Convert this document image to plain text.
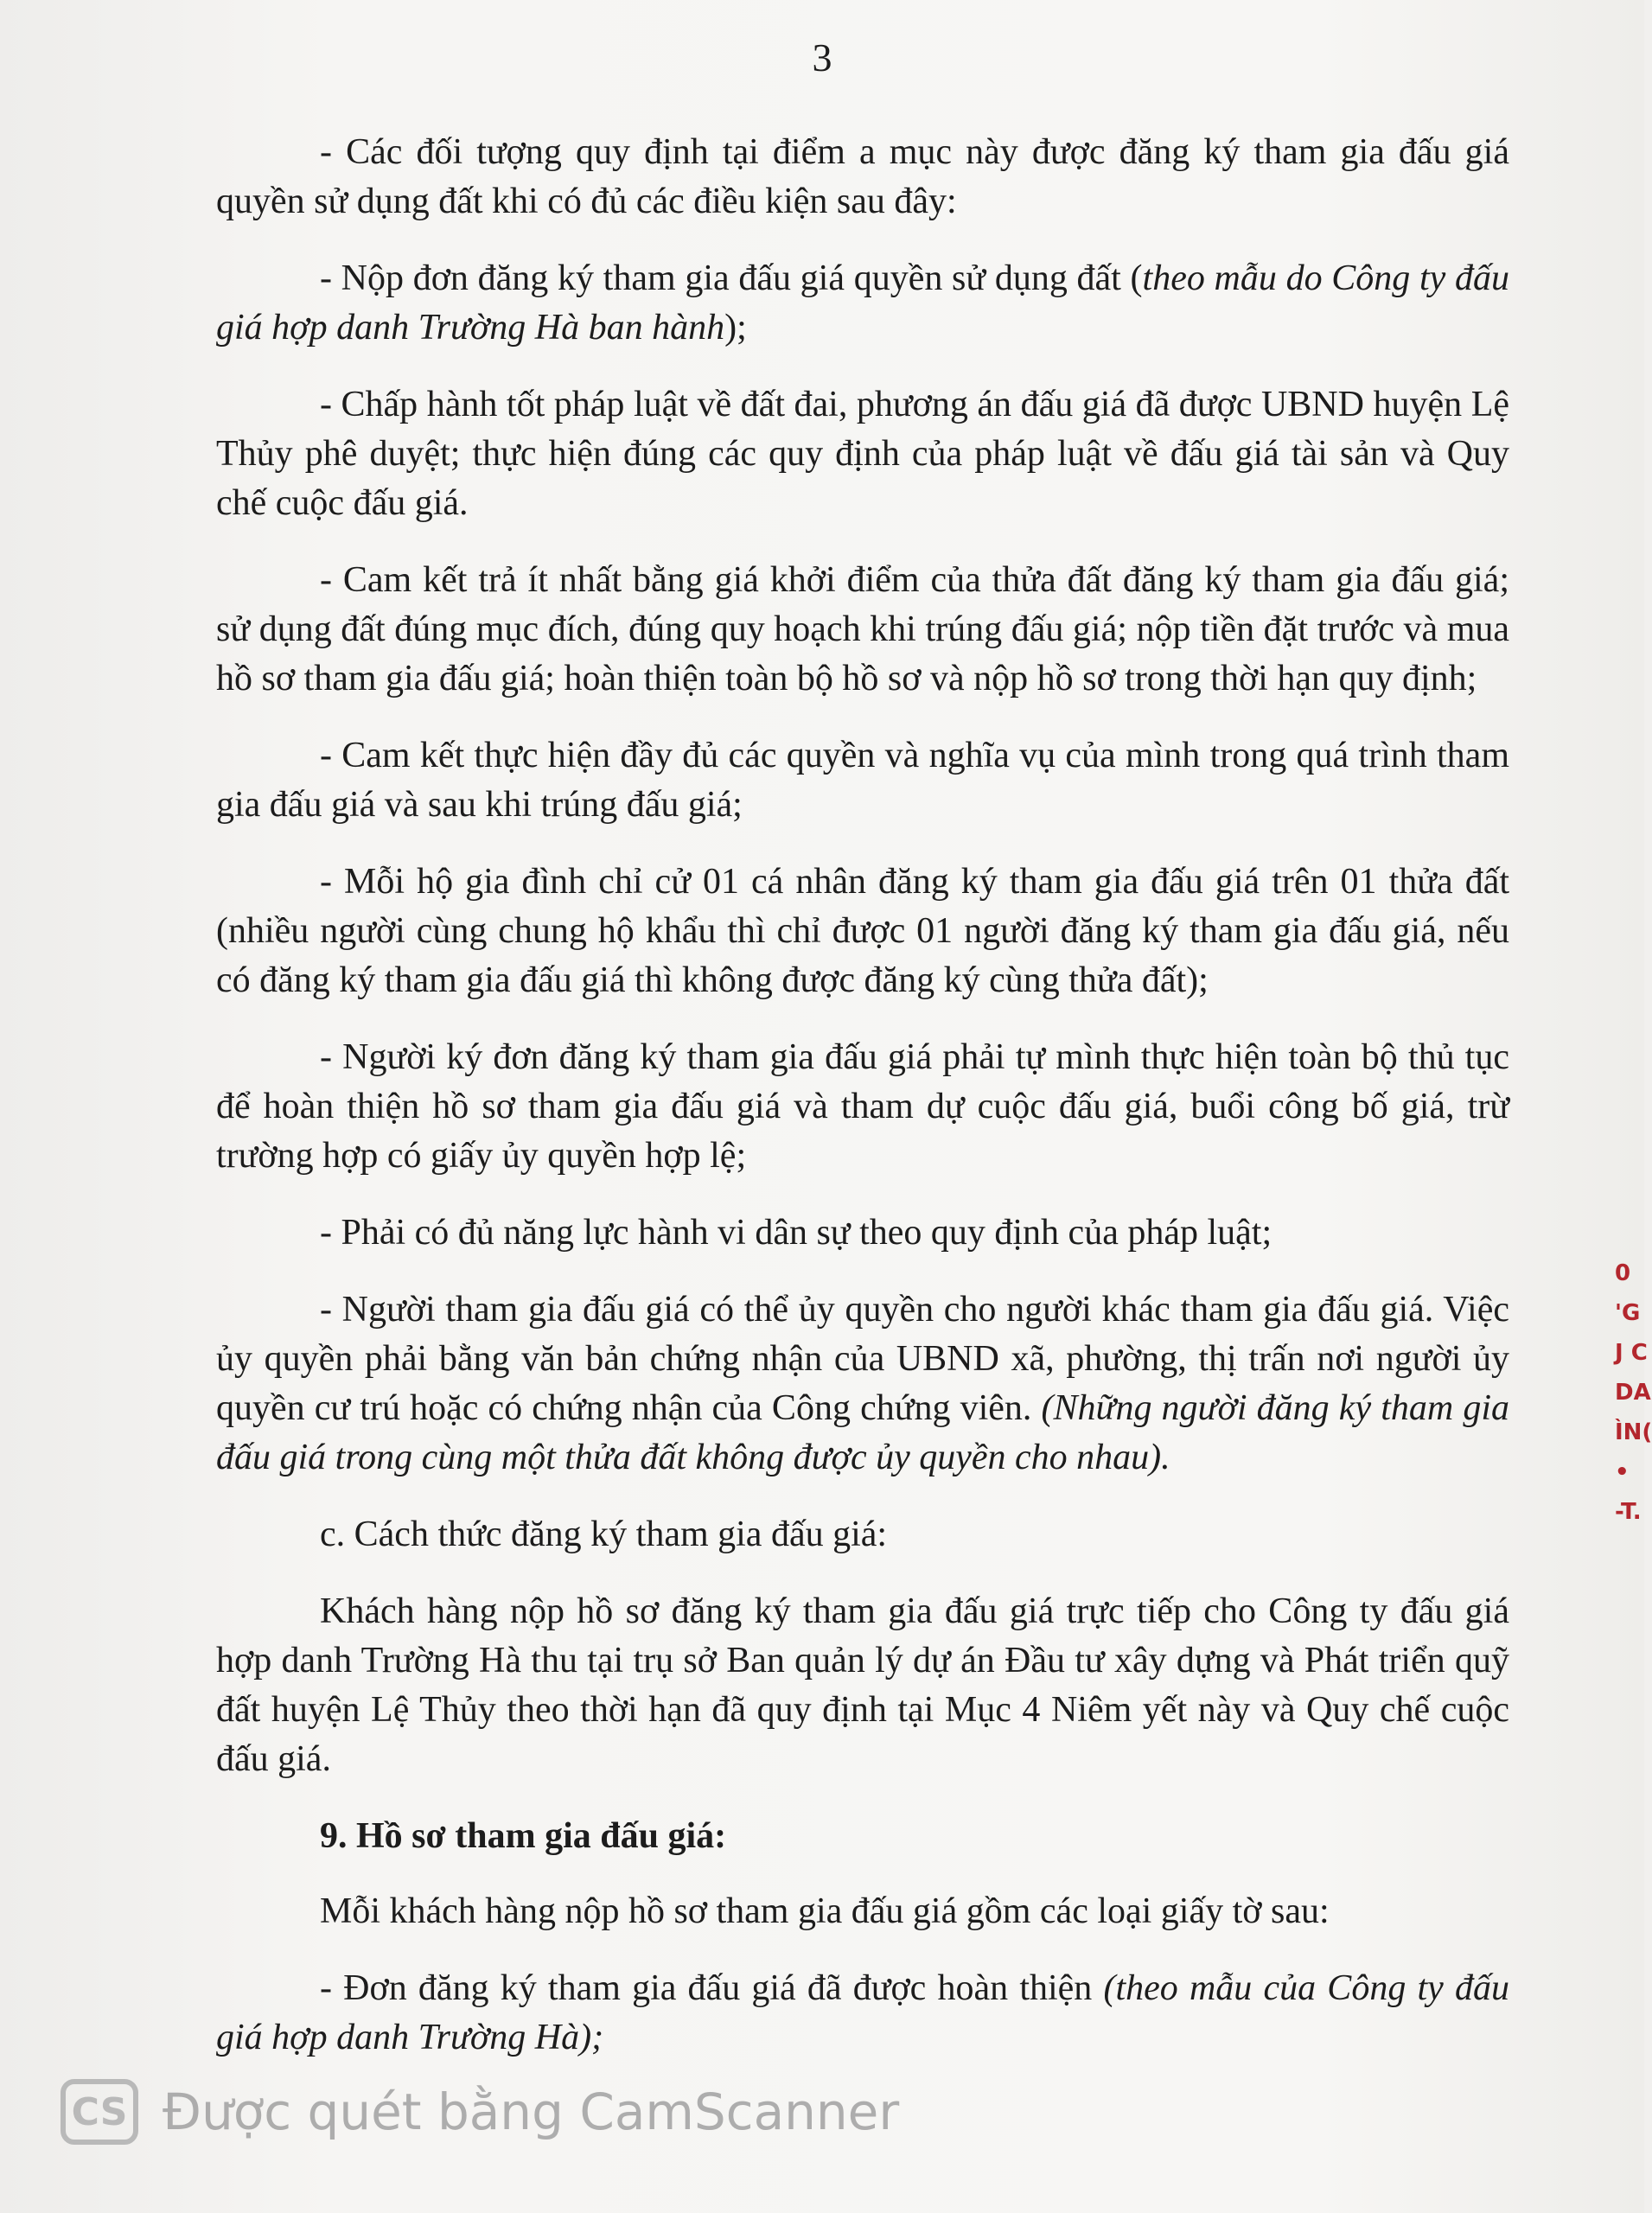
3

- Các đối tượng quy định tại điểm a mục này được đăng ký tham gia đấu giá quyền sử dụng đất khi có đủ các điều kiện sau đây:

- Nộp đơn đăng ký tham gia đấu giá quyền sử dụng đất (theo mẫu do Công ty đấu giá hợp danh Trường Hà ban hành);

- Chấp hành tốt pháp luật về đất đai, phương án đấu giá đã được UBND huyện Lệ Thủy phê duyệt; thực hiện đúng các quy định của pháp luật về đấu giá tài sản và Quy chế cuộc đấu giá.

- Cam kết trả ít nhất bằng giá khởi điểm của thửa đất đăng ký tham gia đấu giá; sử dụng đất đúng mục đích, đúng quy hoạch khi trúng đấu giá; nộp tiền đặt trước và mua hồ sơ tham gia đấu giá; hoàn thiện toàn bộ hồ sơ và nộp hồ sơ trong thời hạn quy định;

- Cam kết thực hiện đầy đủ các quyền và nghĩa vụ của mình trong quá trình tham gia đấu giá và sau khi trúng đấu giá;

- Mỗi hộ gia đình chỉ cử 01 cá nhân đăng ký tham gia đấu giá trên 01 thửa đất (nhiều người cùng chung hộ khẩu thì chỉ được 01 người đăng ký tham gia đấu giá, nếu có đăng ký tham gia đấu giá thì không được đăng ký cùng thửa đất);

- Người ký đơn đăng ký tham gia đấu giá phải tự mình thực hiện toàn bộ thủ tục để hoàn thiện hồ sơ tham gia đấu giá và tham dự cuộc đấu giá, buổi công bố giá, trừ trường hợp có giấy ủy quyền hợp lệ;

- Phải có đủ năng lực hành vi dân sự theo quy định của pháp luật;

- Người tham gia đấu giá có thể ủy quyền cho người khác tham gia đấu giá. Việc ủy quyền phải bằng văn bản chứng nhận của UBND xã, phường, thị trấn nơi người ủy quyền cư trú hoặc có chứng nhận của Công chứng viên. (Những người đăng ký tham gia đấu giá trong cùng một thửa đất không được ủy quyền cho nhau).

c. Cách thức đăng ký tham gia đấu giá:

Khách hàng nộp hồ sơ đăng ký tham gia đấu giá trực tiếp cho Công ty đấu giá hợp danh Trường Hà thu tại trụ sở Ban quản lý dự án Đầu tư xây dựng và Phát triển quỹ đất huyện Lệ Thủy theo thời hạn đã quy định tại Mục 4 Niêm yết này và Quy chế cuộc đấu giá.

9. Hồ sơ tham gia đấu giá:

Mỗi khách hàng nộp hồ sơ tham gia đấu giá gồm các loại giấy tờ sau:

- Đơn đăng ký tham gia đấu giá đã được hoàn thiện (theo mẫu của Công ty đấu giá hợp danh Trường Hà);

0
'G
J C
DA
ÌN(
•
-T.
CS Được quét bằng CamScanner
